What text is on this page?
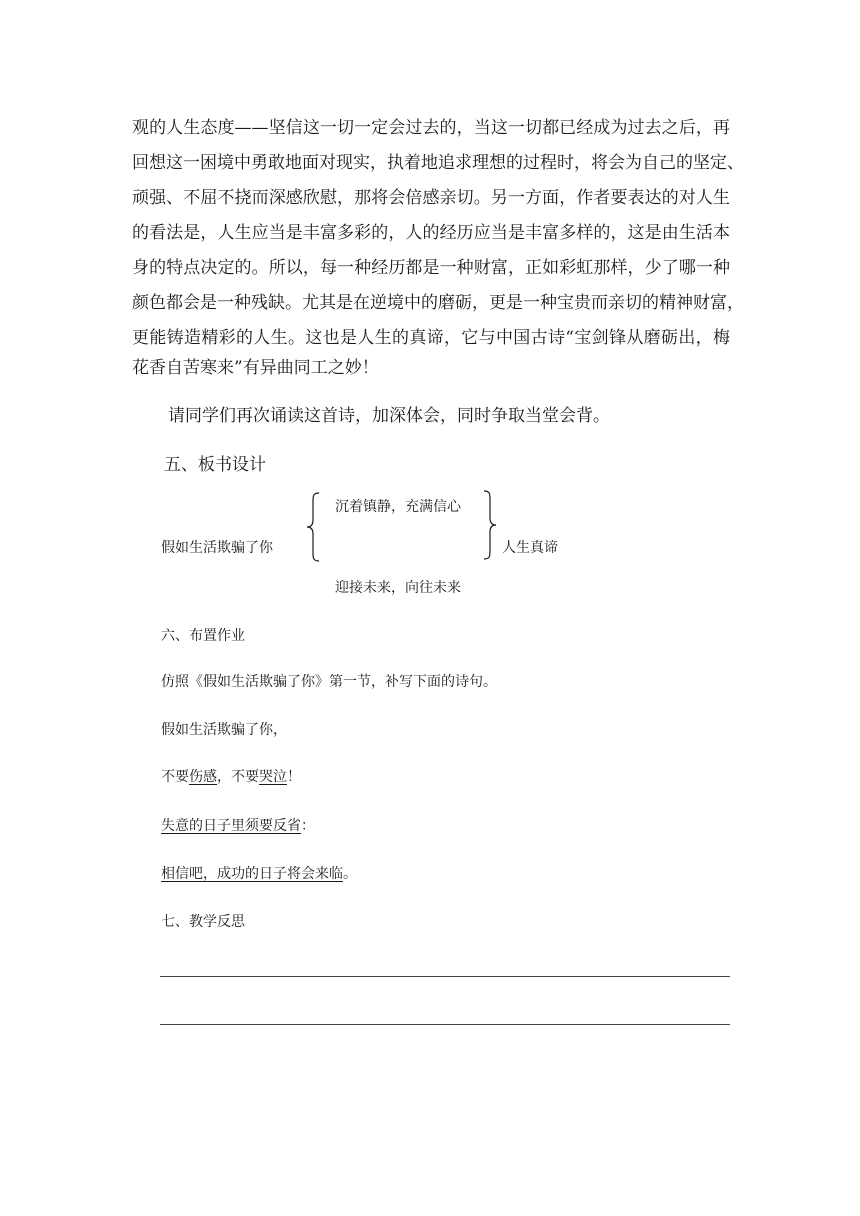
观的人生态度——坚信这一切一定会过去的，当这一切都已经成为过去之后，再
回想这一困境中勇敢地面对现实，执着地追求理想的过程时，将会为自己的坚定、
顽强、不屈不挠而深感欣慰，那将会倍感亲切。另一方面，作者要表达的对人生
的看法是，人生应当是丰富多彩的，人的经历应当是丰富多样的，这是由生活本
身的特点决定的。所以，每一种经历都是一种财富，正如彩虹那样，少了哪一种
颜色都会是一种残缺。尤其是在逆境中的磨砺，更是一种宝贵而亲切的精神财富，
更能铸造精彩的人生。这也是人生的真谛，它与中国古诗“宝剑锋从磨砺出，梅
花香自苦寒来”有异曲同工之妙！
请同学们再次诵读这首诗，加深体会，同时争取当堂会背。
五、板书设计
沉着镇静，充满信心
假如生活欺骗了你	人生真谛
迎接未来，向往未来
六、布置作业
仿照《假如生活欺骗了你》第一节，补写下面的诗句。
假如生活欺骗了你，
不要伤感，不要哭泣！
失意的日子里须要反省：
相信吧，成功的日子将会来临。
七、教学反思
